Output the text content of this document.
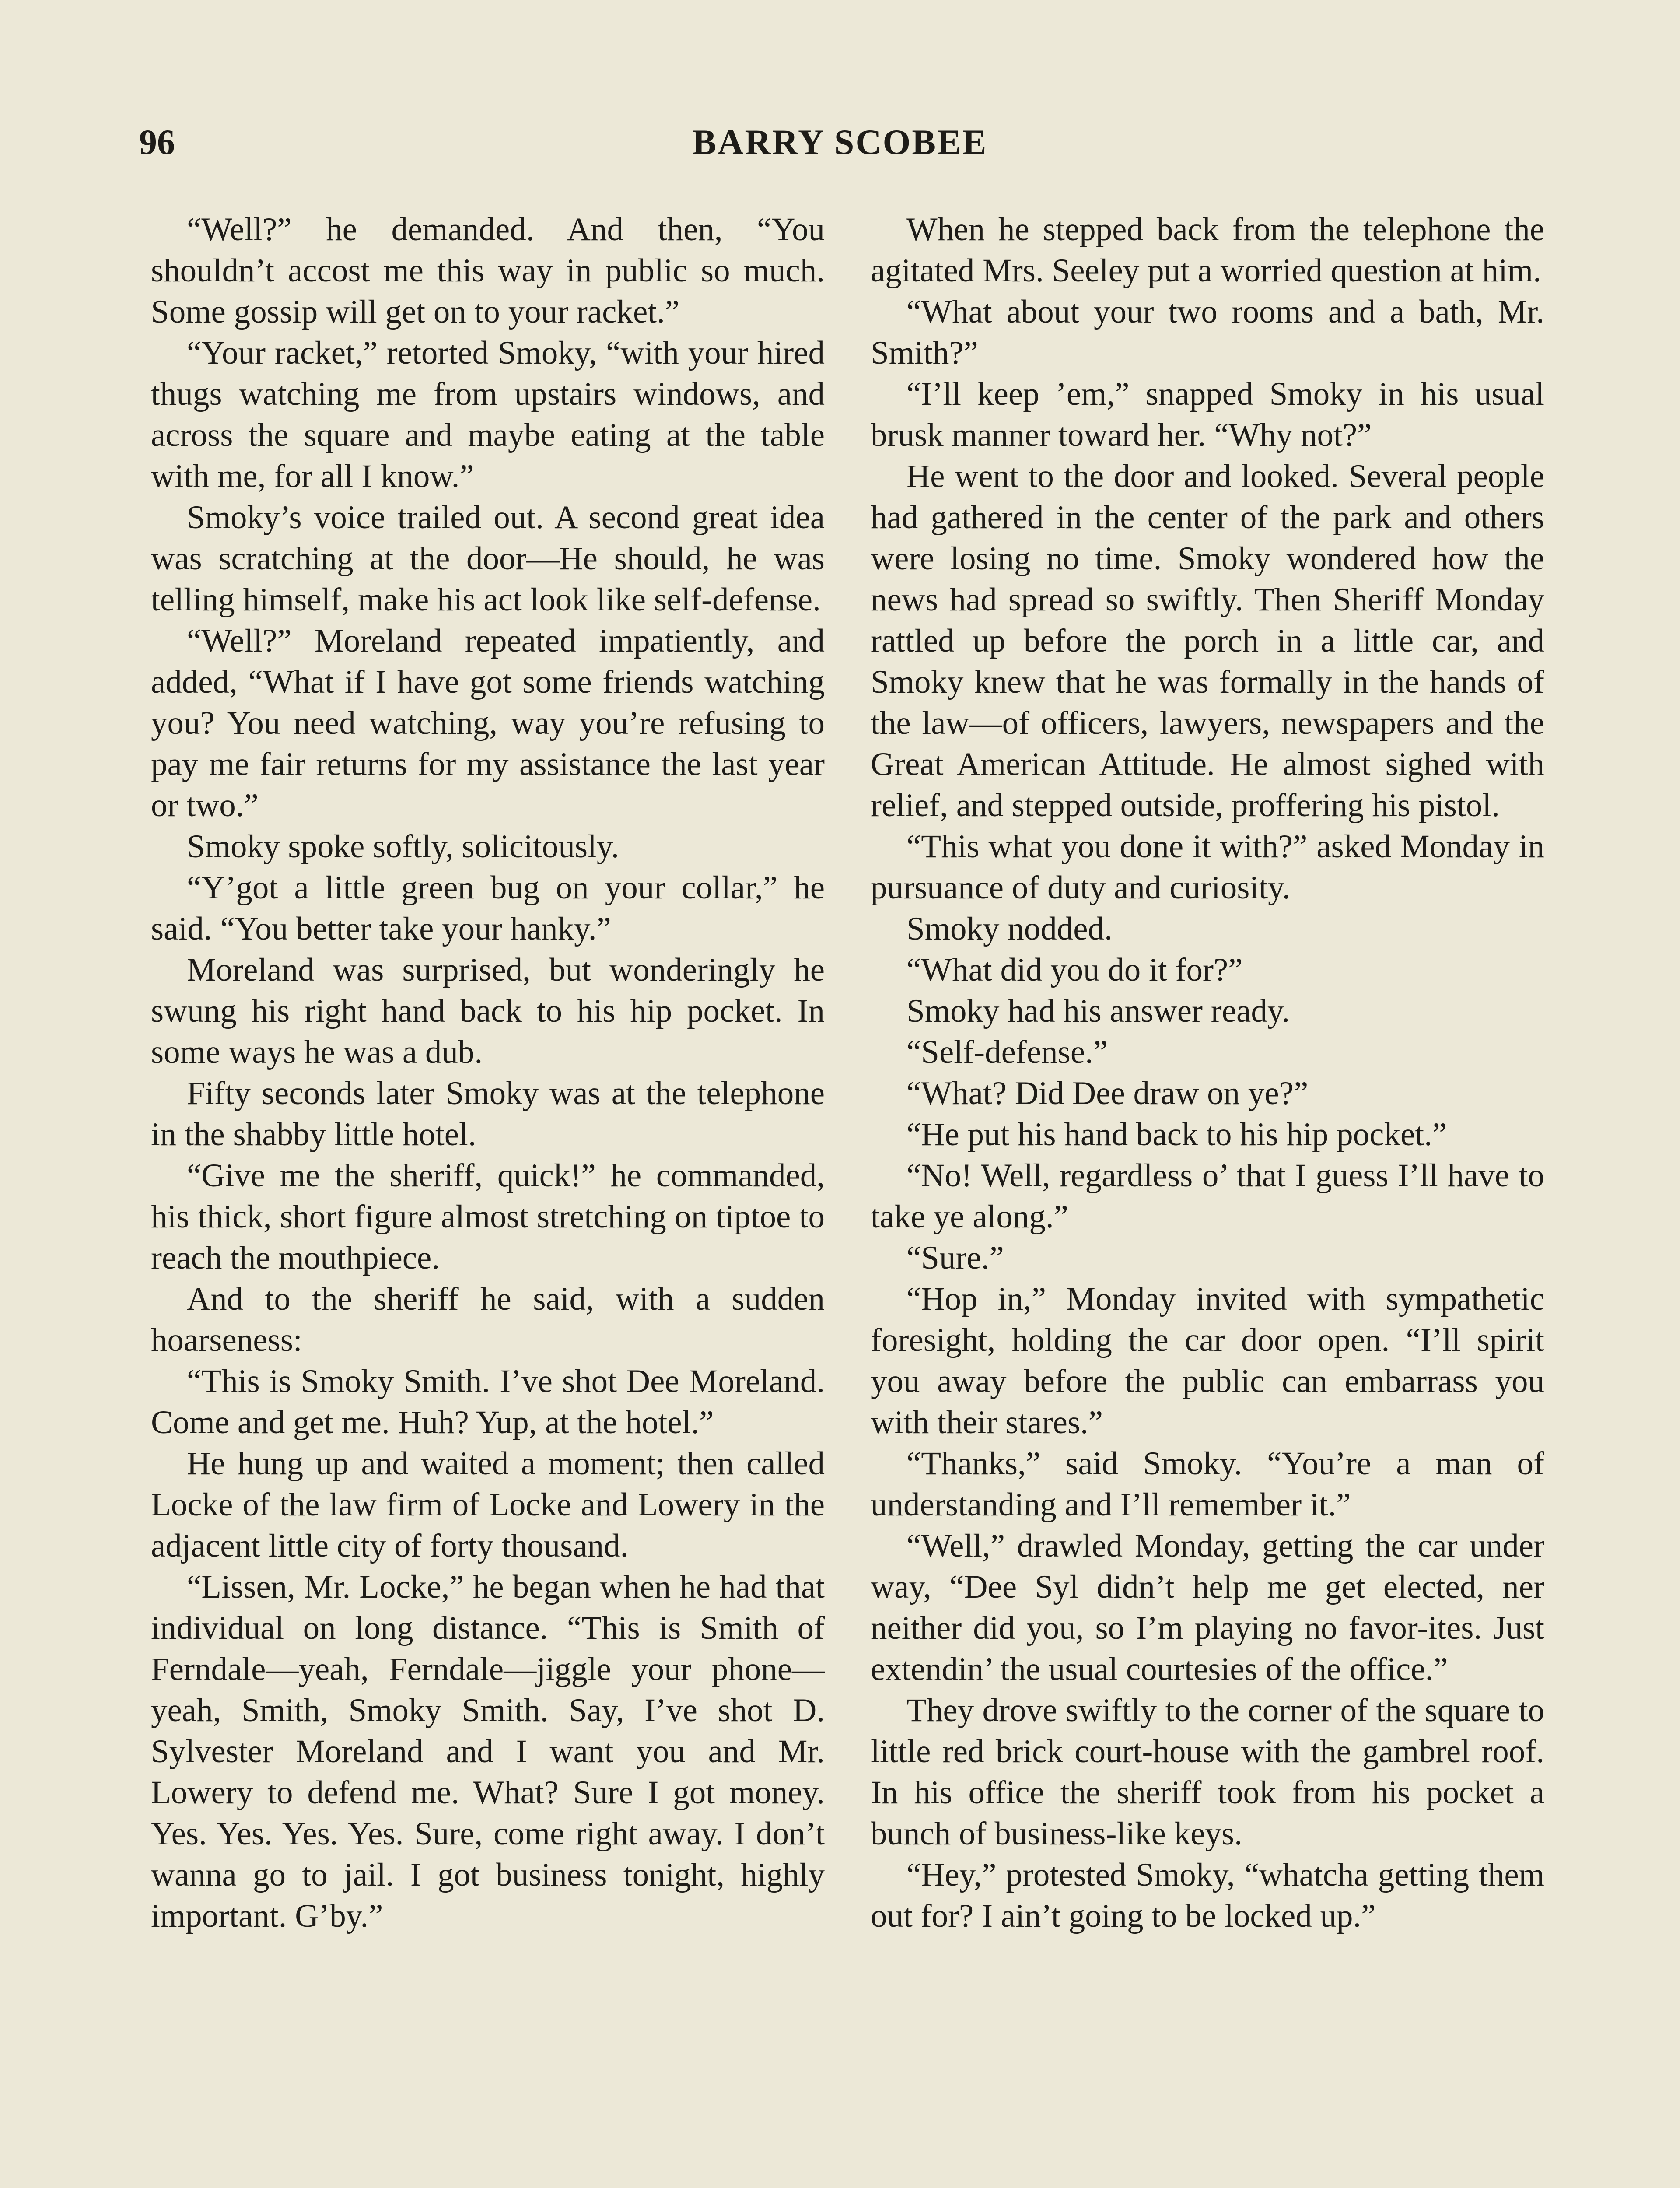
96	BARRY SCOBEE

“Well?” he demanded. And then, “You shouldn’t accost me this way in public so much. Some gossip will get on to your racket.”

“Your racket,” retorted Smoky, “with your hired thugs watching me from upstairs windows, and across the square and maybe eating at the table with me, for all I know.”

Smoky’s voice trailed out. A second great idea was scratching at the door—He should, he was telling himself, make his act look like self-defense.

“Well?” Moreland repeated impatiently, and added, “What if I have got some friends watching you? You need watching, way you’re refusing to pay me fair returns for my assistance the last year or two.”

Smoky spoke softly, solicitously.

“Y’got a little green bug on your collar,” he said. “You better take your hanky.”

Moreland was surprised, but wonderingly he swung his right hand back to his hip pocket. In some ways he was a dub.

Fifty seconds later Smoky was at the telephone in the shabby little hotel.

“Give me the sheriff, quick!” he commanded, his thick, short figure almost stretching on tiptoe to reach the mouthpiece.

And to the sheriff he said, with a sudden hoarseness:

“This is Smoky Smith. I’ve shot Dee Moreland. Come and get me. Huh? Yup, at the hotel.”

He hung up and waited a moment; then called Locke of the law firm of Locke and Lowery in the adjacent little city of forty thousand.

“Lissen, Mr. Locke,” he began when he had that individual on long distance. “This is Smith of Ferndale—yeah, Ferndale—jiggle your phone—yeah, Smith, Smoky Smith. Say, I’ve shot D. Sylvester Moreland and I want you and Mr. Lowery to defend me. What? Sure I got money. Yes. Yes. Yes. Yes. Sure, come right away. I don’t wanna go to jail. I got business tonight, highly important. G’by.”

When he stepped back from the telephone the agitated Mrs. Seeley put a worried question at him.

“What about your two rooms and a bath, Mr. Smith?”

“I’ll keep ’em,” snapped Smoky in his usual brusk manner toward her. “Why not?”

He went to the door and looked. Several people had gathered in the center of the park and others were losing no time. Smoky wondered how the news had spread so swiftly. Then Sheriff Monday rattled up before the porch in a little car, and Smoky knew that he was formally in the hands of the law—of officers, lawyers, newspapers and the Great American Attitude. He almost sighed with relief, and stepped outside, proffering his pistol.

“This what you done it with?” asked Monday in pursuance of duty and curiosity.

Smoky nodded.

“What did you do it for?”

Smoky had his answer ready.

“Self-defense.”

“What? Did Dee draw on ye?”

“He put his hand back to his hip pocket.”

“No! Well, regardless o’ that I guess I’ll have to take ye along.”

“Sure.”

“Hop in,” Monday invited with sympathetic foresight, holding the car door open. “I’ll spirit you away before the public can embarrass you with their stares.”

“Thanks,” said Smoky. “You’re a man of understanding and I’ll remember it.”

“Well,” drawled Monday, getting the car under way, “Dee Syl didn’t help me get elected, ner neither did you, so I’m playing no favor-ites. Just extendin’ the usual courtesies of the office.”

They drove swiftly to the corner of the square to little red brick court-house with the gambrel roof. In his office the sheriff took from his pocket a bunch of business-like keys.

“Hey,” protested Smoky, “whatcha getting them out for? I ain’t going to be locked up.”
